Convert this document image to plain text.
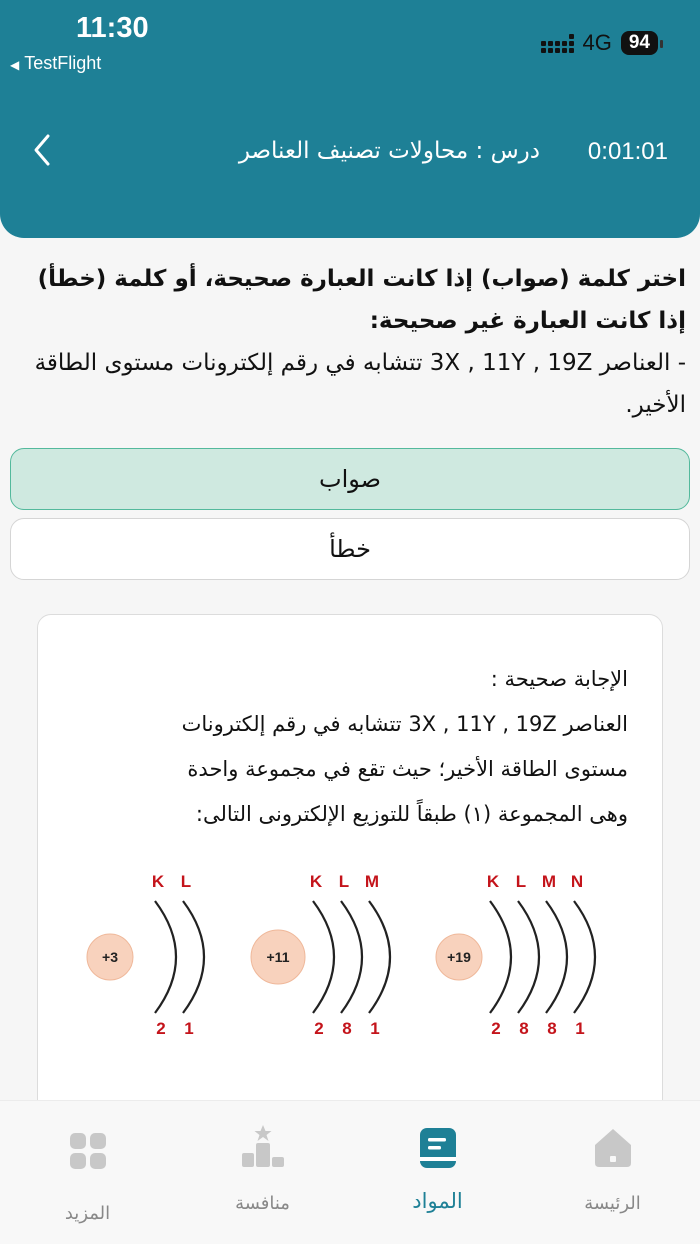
11:30
◀ TestFlight
4G 94
درس : محاولات تصنيف العناصر 0:01:01
اختر كلمة (صواب) إذا كانت العبارة صحيحة، أو كلمة (خطأ) إذا كانت العبارة غير صحيحة:
- العناصر 3X , 11Y , 19Z تتشابه في رقم إلكترونات مستوى الطاقة الأخير.
صواب
خطأ
الإجابة صحيحة :
العناصر 3X , 11Y , 19Z تتشابه في رقم إلكترونات
مستوى الطاقة الأخير؛ حيث تقع في مجموعة واحدة
وهى المجموعة (١) طبقاً للتوزيع الإلكترونى التالى:
+3
K
2
L
1
+11
K
2
L
8
M
1
+19
K
2
L
8
M
8
N
1
المزيد	منافسة	المواد	الرئيسة
